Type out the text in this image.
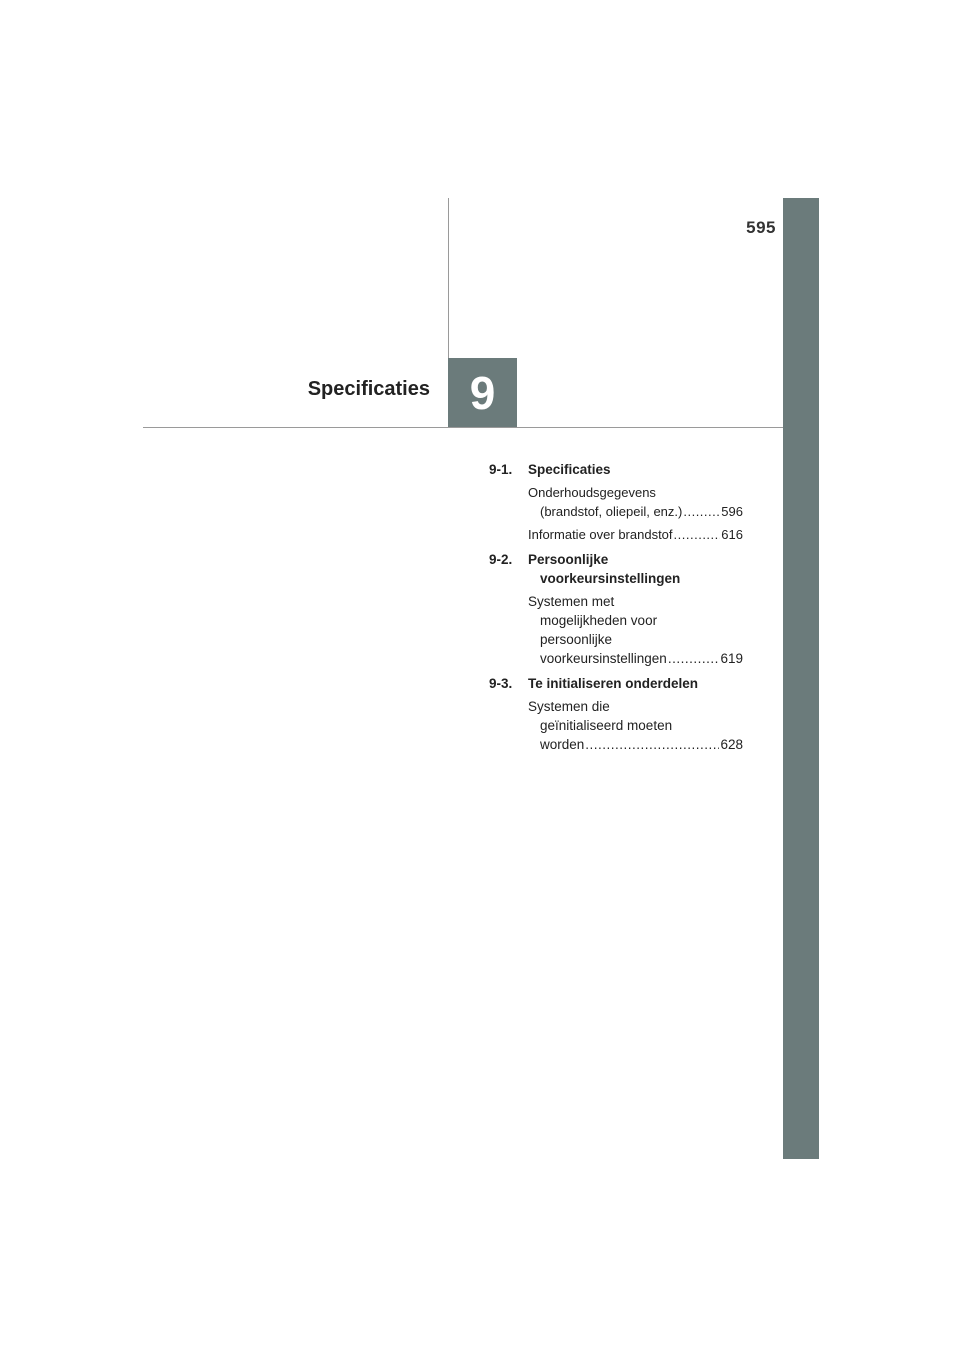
595
9
Specificaties
9-1. Specificaties
Onderhoudsgegevens
(brandstof, oliepeil, enz.) .....	596
Informatie over brandstof .....	616
9-2. Persoonlijke voorkeursinstellingen
Systemen met
mogelijkheden voor
persoonlijke
voorkeursinstellingen .....	619
9-3. Te initialiseren onderdelen
Systemen die
geïnitialiseerd moeten
worden .....	628
